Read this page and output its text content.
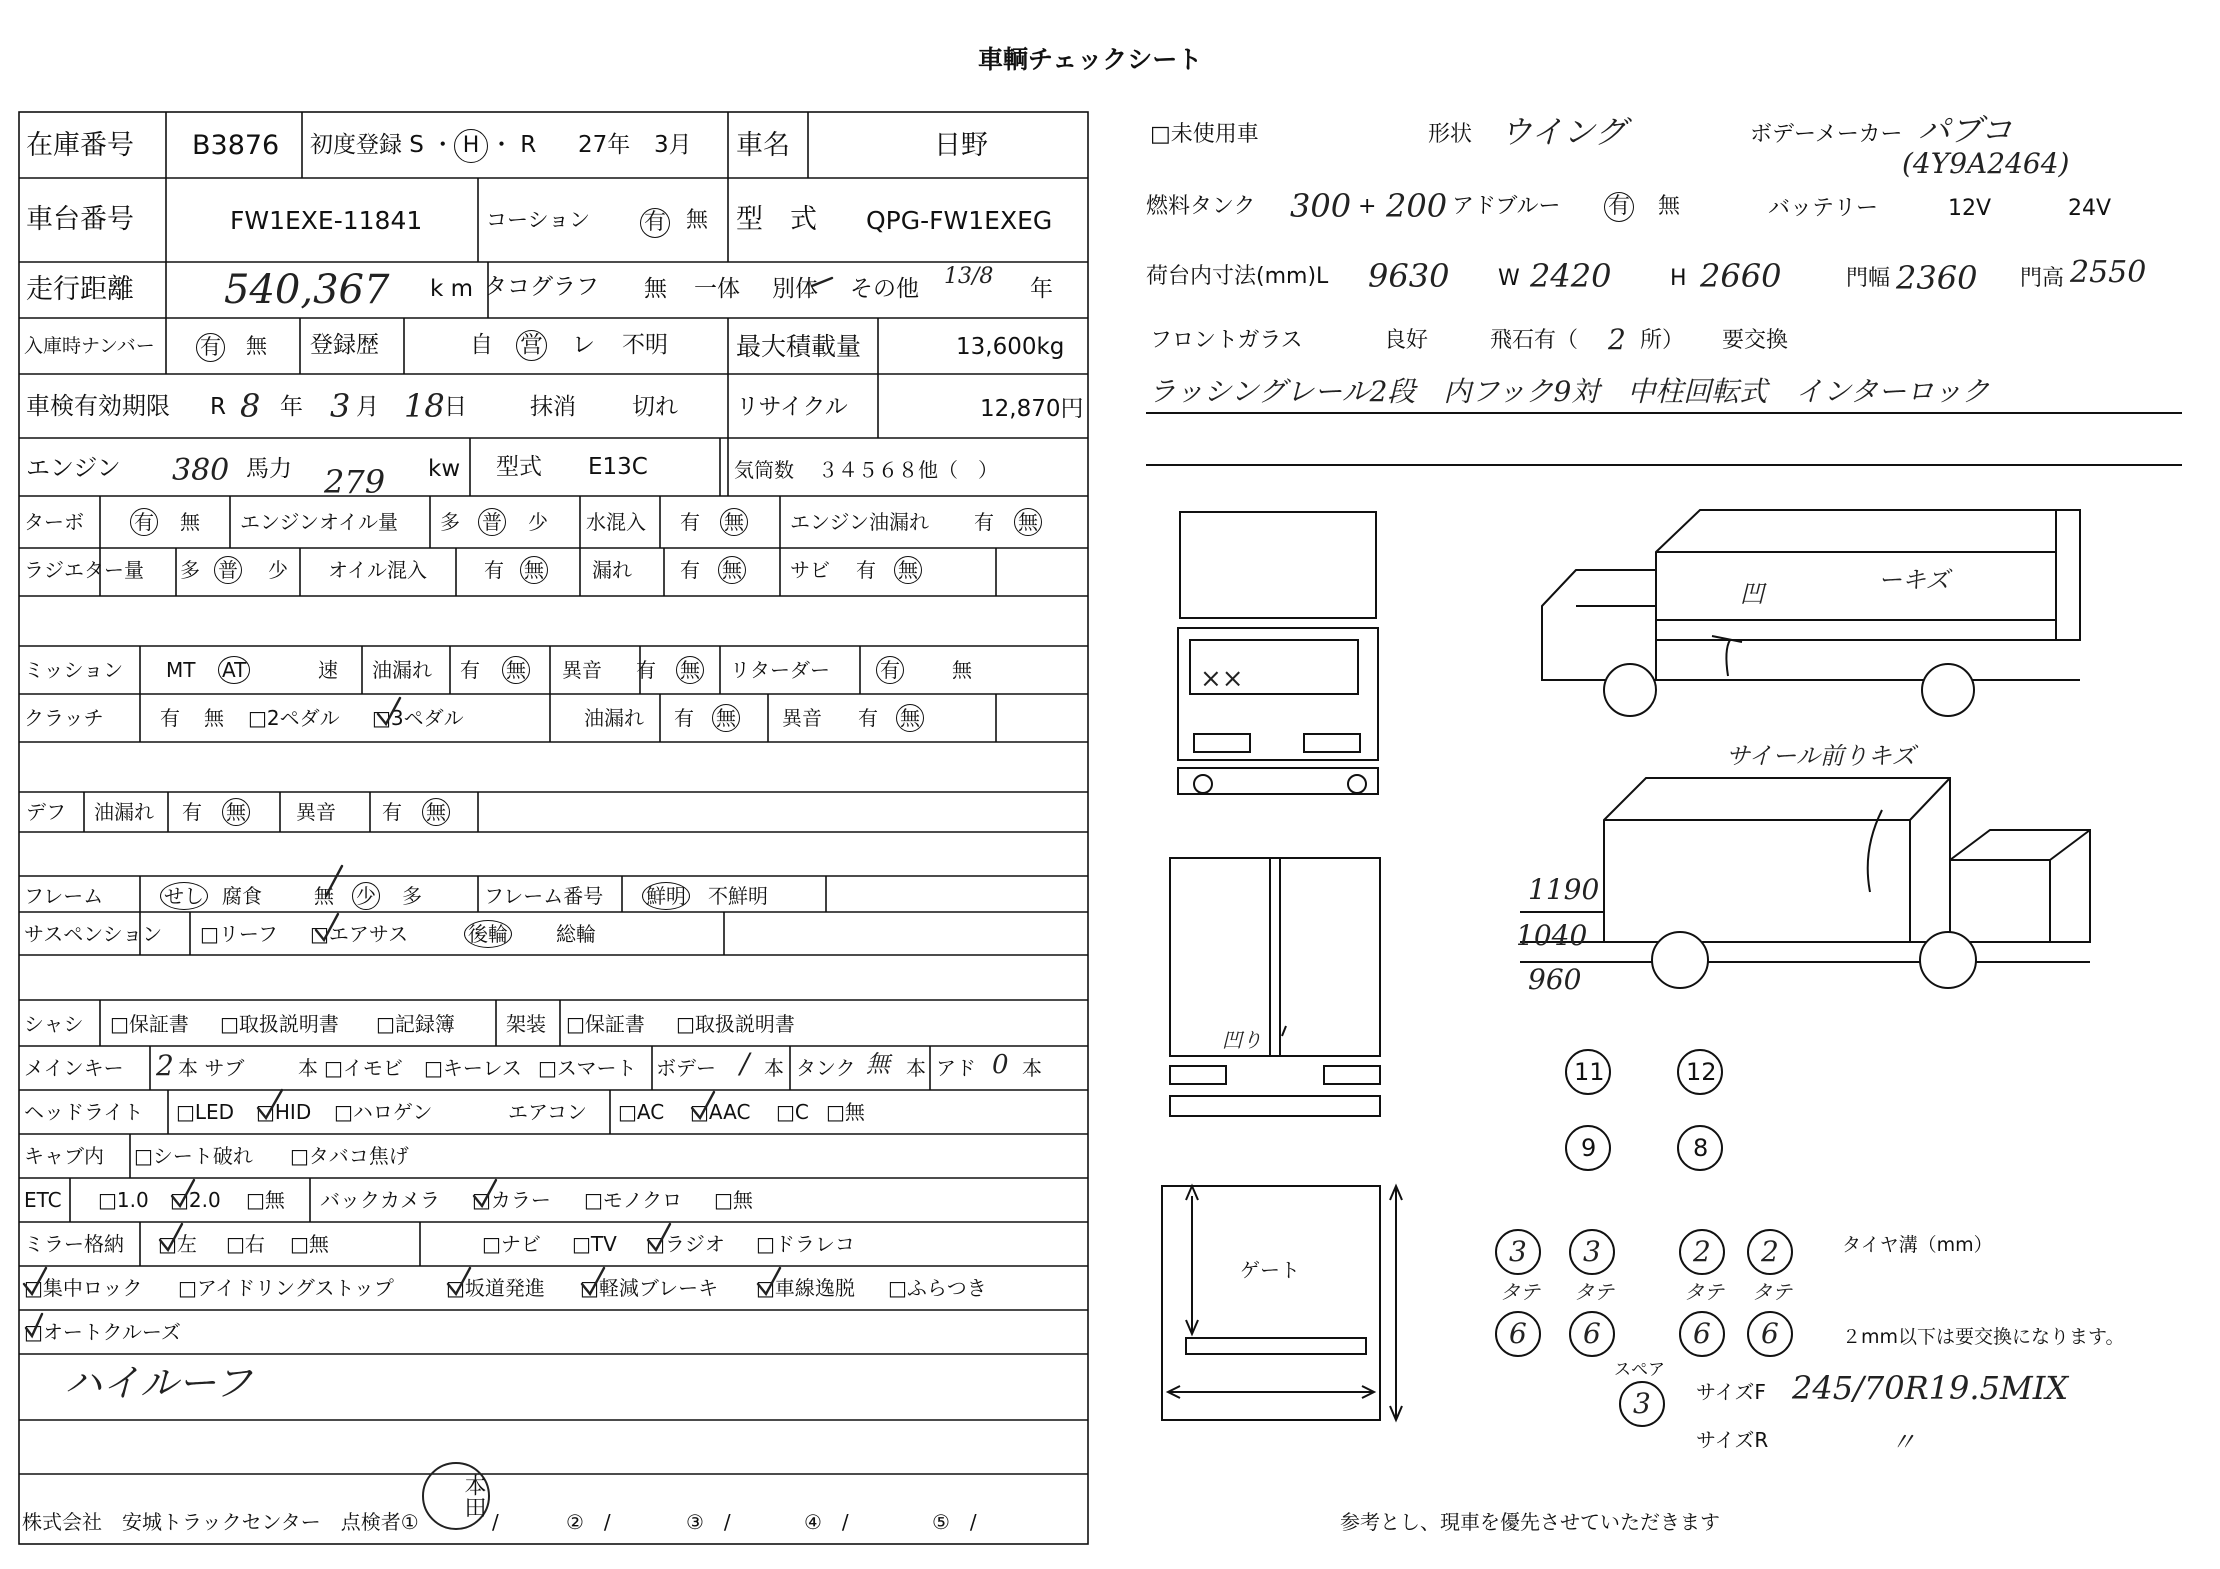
車輌チェックシート
在庫番号 B3876 初度登録 S ・ H ・ R 27年 3月 車名	日野
車台番号	FW1EXE-11841	コーション 有 無 型　式 QPG-FW1EXEG
走行距離 540,367 k m タコグラフ 無 一体 別体 その他 13/8 年
入庫時ナンバー 有 無 登録歴	自 営 レ 不明	最大積載量	13,600kg
車検有効期限 R 8 年 3 月 18 日	抹消 切れ	リサイクル	12,870円
エンジン 380 馬力 279 kw 型式 E13C	気筒数 ３４５６８他（　）
ターボ	有 無 エンジンオイル量 多 普 少 水混入 有 無 エンジン油漏れ 有 無
ラジエター量 多 普 少 オイル混入	有 無 漏れ 有 無 サビ 有 無
ミッション MT AT	速 油漏れ 有 無 異音 有 無 リターダー	有	無
クラッチ	有 無 □2ペダル □3ペダル	油漏れ 有 無 異音 有 無
デフ 油漏れ 有 無	異音 有 無
フレーム	せし 腐食	無 少 多	フレーム番号 鮮明 不鮮明
サスペンション □リーフ □エアサス	後輪 総輪
シャシ □保証書 □取扱説明書 □記録簿	架装 □保証書 □取扱説明書
メインキー 2 本 サブ	本 □イモビ □キーレス □スマート ボデー / 本 タンク 無 本 アド 0 本
ヘッドライト □LED □HID □ハロゲン	エアコン □AC □AAC □C □無
キャブ内 □シート破れ □タバコ焦げ
ETC □1.0 □2.0 □無 バックカメラ □カラー □モノクロ □無
ミラー格納 □左 □右 □無	□ナビ □TV □ラジオ □ドラレコ
□集中ロック □アイドリングストップ	□坂道発進 □軽減ブレーキ □車線逸脱 □ふらつき
□オートクルーズ
ハイルーフ
株式会社　安城トラックセンター　点検者①
本田
/	②　/	③　/	④　/	⑤　/
□未使用車	形状 ウイング	ボデーメーカー パブコ
(4Y9A2464)
燃料タンク 300 + 200 アドブルー 有 無	バッテリー	12V	24V
荷台内寸法(mm)L 9630 W 2420	H 2660	門幅 2360 門高 2550
フロントガラス	良好	飛石有（ 2 所） 要交換
ラッシングレール2段　内フック9対　中柱回転式　インターロック
凹	ーキズ
サイール前りキズ
凹り
ゲート
1190
1040
960
××
11	12
9	8
3 3	2 2
6 6	6 6
タテ タテ	タテ タテ
スペア
3
タイヤ溝（mm）
２mm以下は要交換になります。
サイズF 245/70R19.5MIX
サイズR	〃
参考とし、現車を優先させていただきます
